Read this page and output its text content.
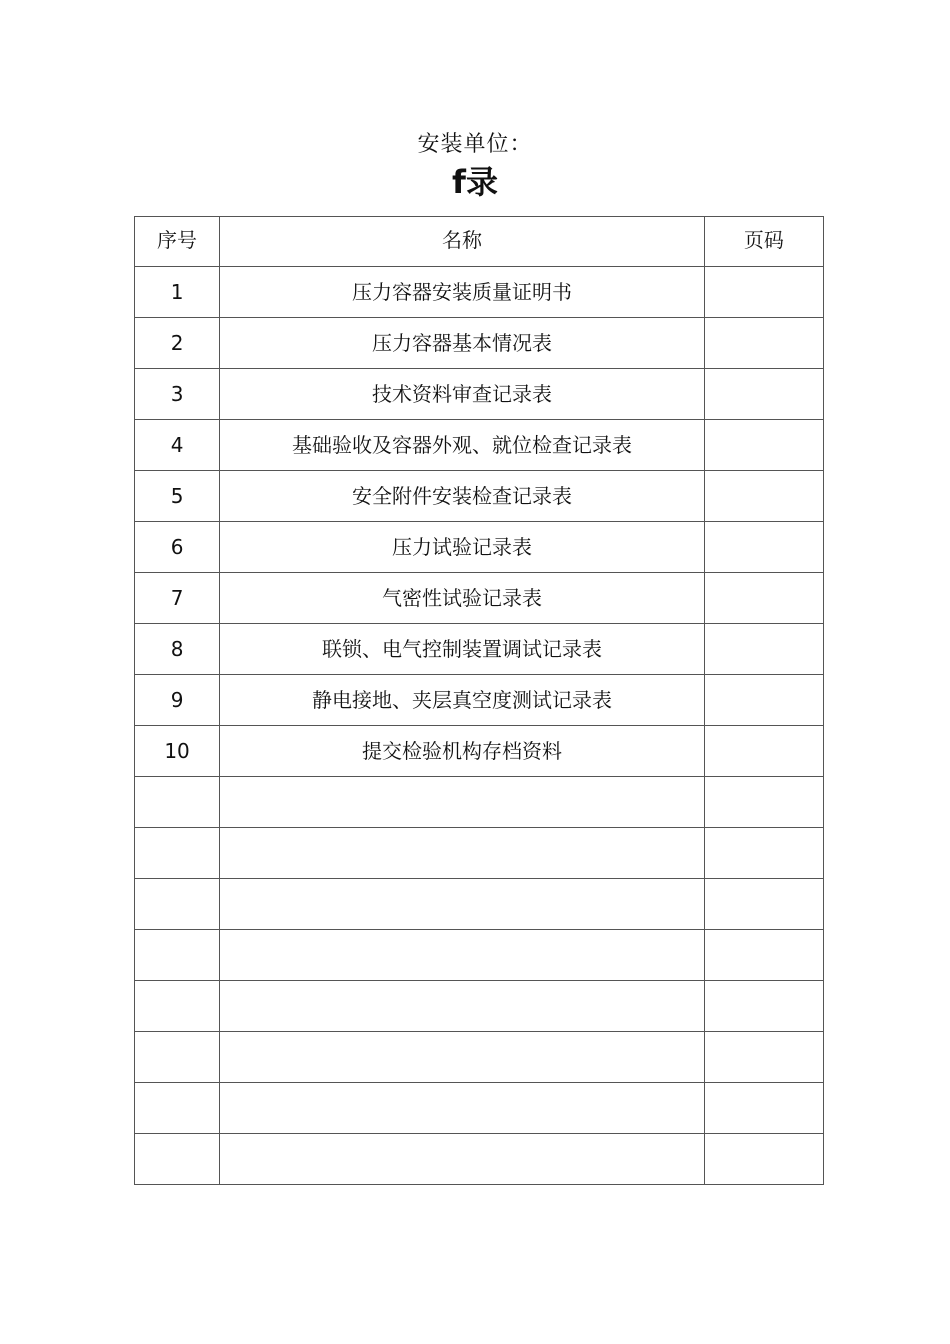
安装单位：
f录
序号	名称	页码
1	压力容器安装质量证明书	
2	压力容器基本情况表	
3	技术资料审查记录表	
4	基础验收及容器外观、就位检查记录表	
5	安全附件安装检查记录表	
6	压力试验记录表	
7	气密性试验记录表	
8	联锁、电气控制装置调试记录表	
9	静电接地、夹层真空度测试记录表	
10	提交检验机构存档资料	
